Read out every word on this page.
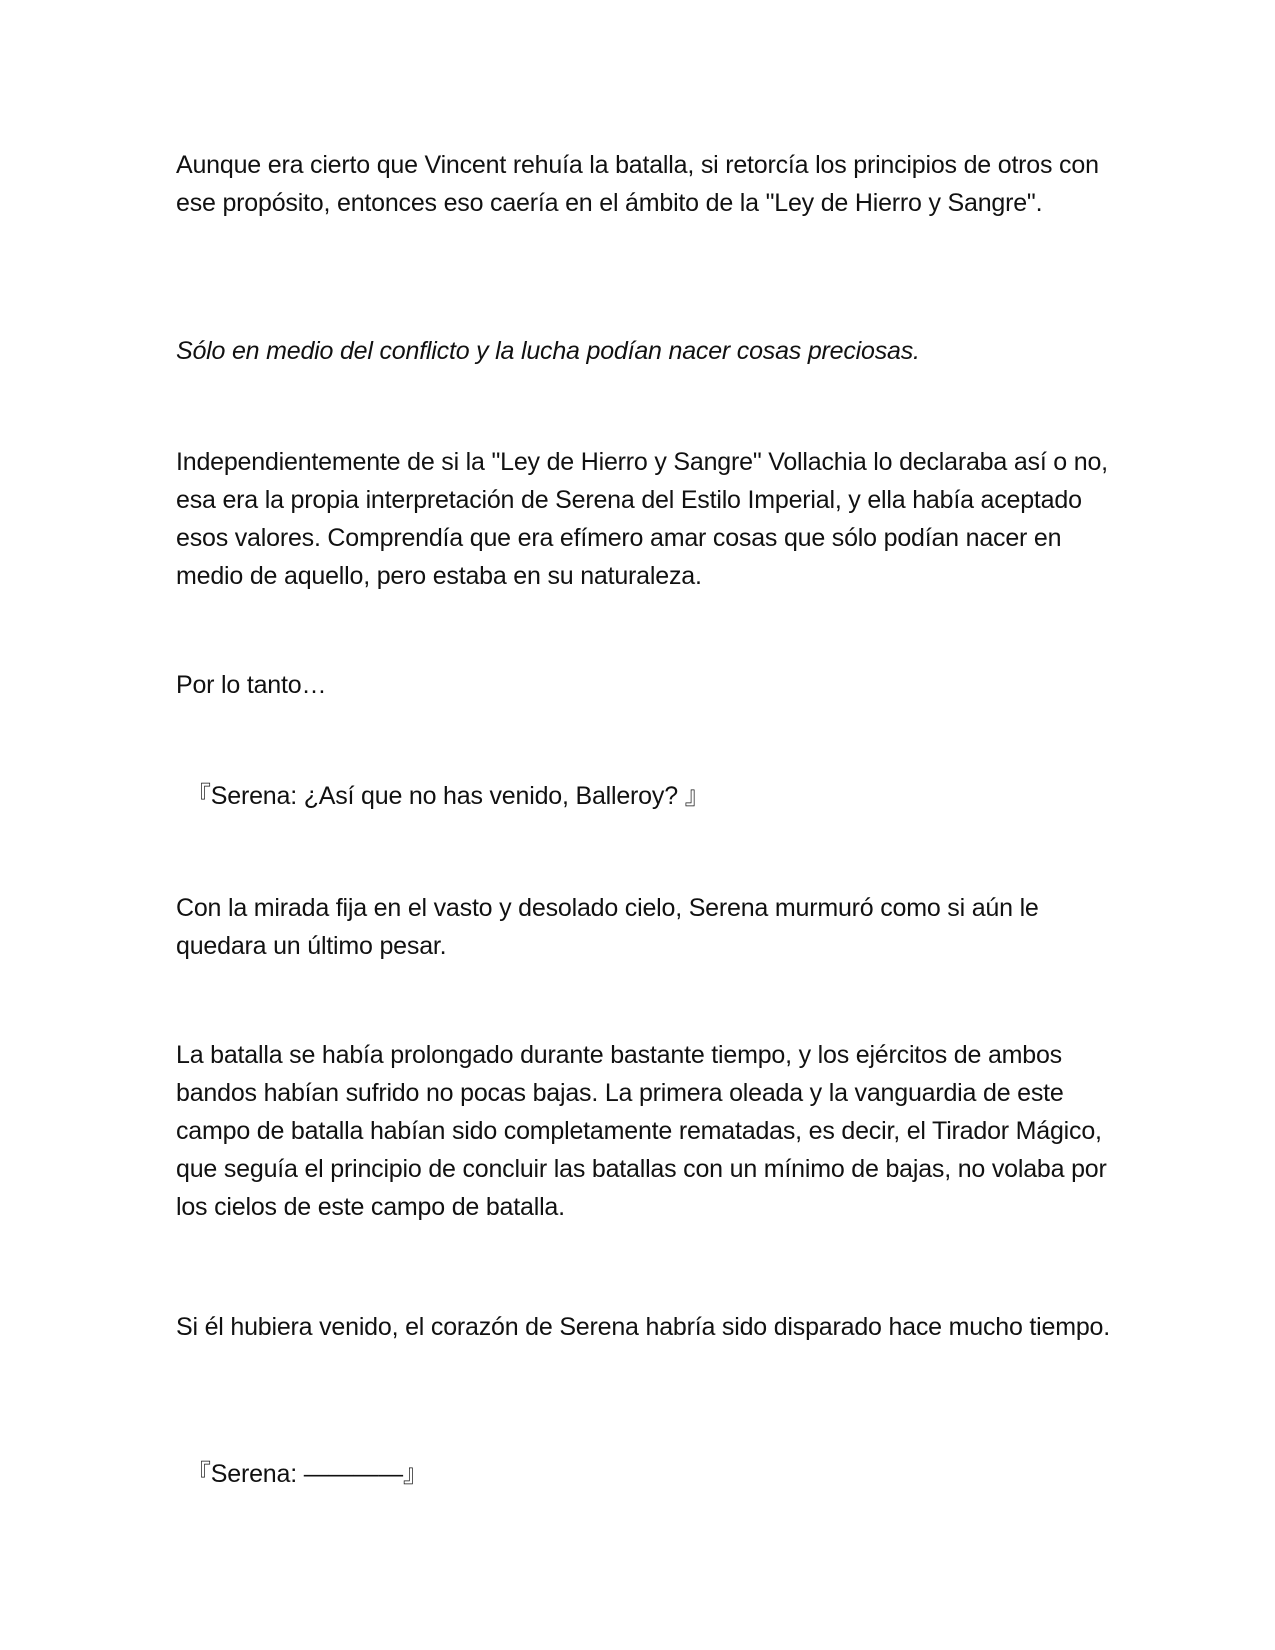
Aunque era cierto que Vincent rehuía la batalla, si retorcía los principios de otros con ese propósito, entonces eso caería en el ámbito de la "Ley de Hierro y Sangre".

Sólo en medio del conflicto y la lucha podían nacer cosas preciosas.

Independientemente de si la "Ley de Hierro y Sangre" Vollachia lo declaraba así o no, esa era la propia interpretación de Serena del Estilo Imperial, y ella había aceptado esos valores. Comprendía que era efímero amar cosas que sólo podían nacer en medio de aquello, pero estaba en su naturaleza.

Por lo tanto…

『Serena: ¿Así que no has venido, Balleroy? 』

Con la mirada fija en el vasto y desolado cielo, Serena murmuró como si aún le quedara un último pesar.

La batalla se había prolongado durante bastante tiempo, y los ejércitos de ambos bandos habían sufrido no pocas bajas. La primera oleada y la vanguardia de este campo de batalla habían sido completamente rematadas, es decir, el Tirador Mágico, que seguía el principio de concluir las batallas con un mínimo de bajas, no volaba por los cielos de este campo de batalla.

Si él hubiera venido, el corazón de Serena habría sido disparado hace mucho tiempo.

『Serena: ————』
